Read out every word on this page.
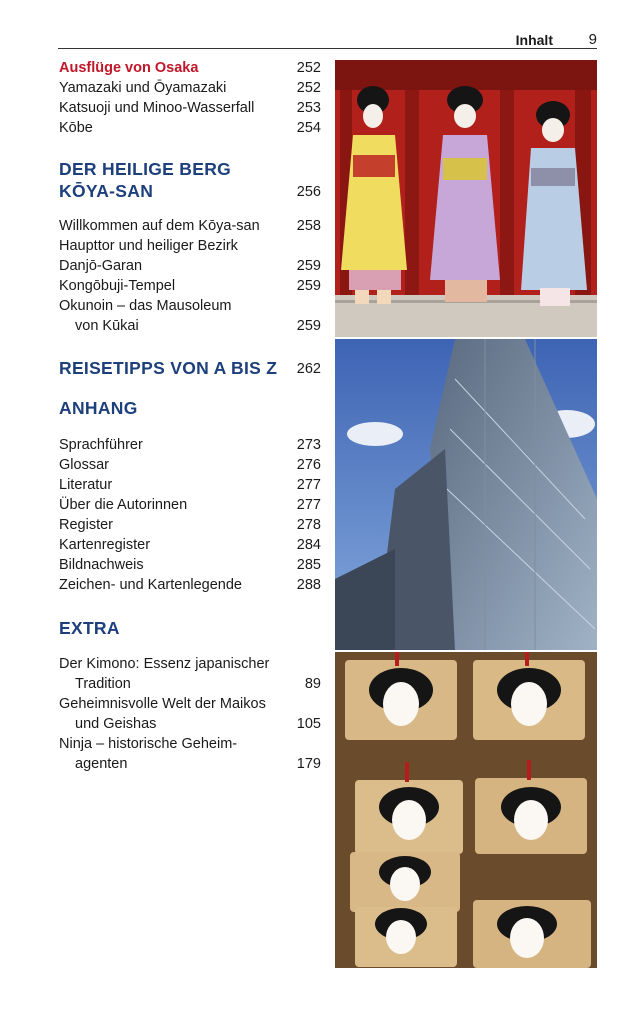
Inhalt 9
Ausflüge von Osaka	252
Yamazaki und Ōyamazaki	252
Katsuoji und Minoo-Wasserfall	253
Kōbe	254
DER HEILIGE BERG
KŌYA-SAN	256
Willkommen auf dem Kōya-san	258
Haupttor und heiliger Bezirk
Danjō-Garan	259
Kongōbuji-Tempel	259
Okunoin – das Mausoleum
von Kūkai	259
REISETIPPS VON A BIS Z 262
ANHANG
Sprachführer	273
Glossar	276
Literatur	277
Über die Autorinnen	277
Register	278
Kartenregister	284
Bildnachweis	285
Zeichen- und Kartenlegende	288
EXTRA
Der Kimono: Essenz japanischer
Tradition	89
Geheimnisvolle Welt der Maikos
und Geishas	105
Ninja – historische Geheim-
agenten	179
